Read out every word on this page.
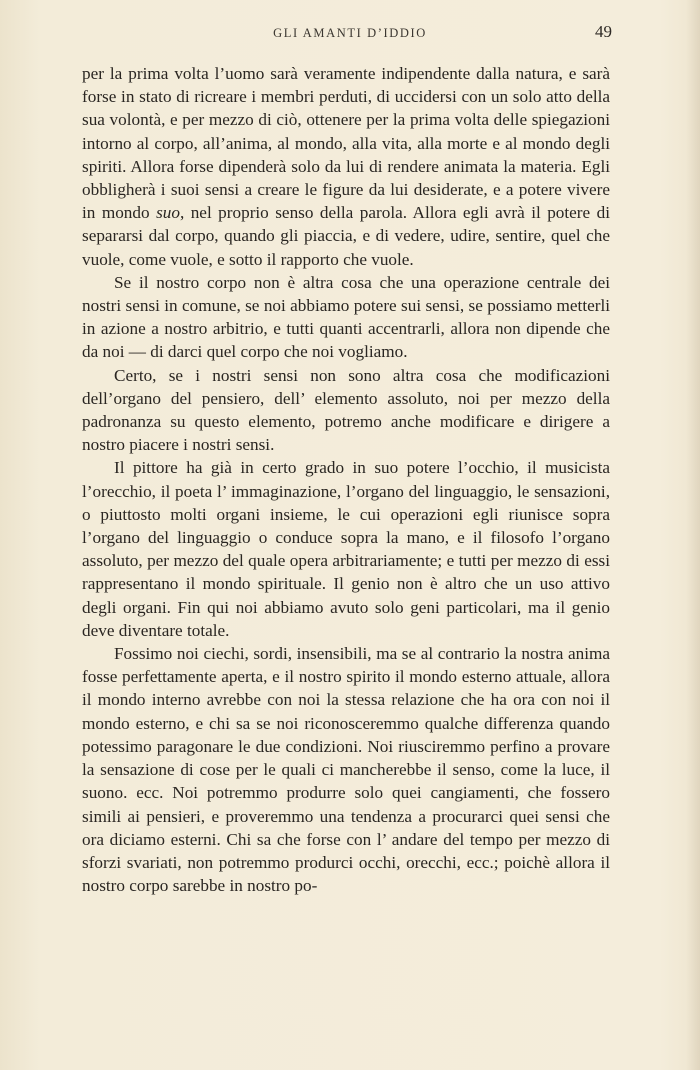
GLI AMANTI D’IDDIO	49

per la prima volta l’uomo sarà veramente indipendente dalla natura, e sarà forse in stato di ricreare i membri perduti, di uccidersi con un solo atto della sua volontà, e per mezzo di ciò, ottenere per la prima volta delle spiegazioni intorno al corpo, all’anima, al mondo, alla vita, alla morte e al mondo degli spiriti. Allora forse dipenderà solo da lui di rendere animata la materia. Egli obbligherà i suoi sensi a creare le figure da lui desiderate, e a potere vivere in mondo suo, nel proprio senso della parola. Allora egli avrà il potere di separarsi dal corpo, quando gli piaccia, e di vedere, udire, sentire, quel che vuole, come vuole, e sotto il rapporto che vuole.

Se il nostro corpo non è altra cosa che una operazione centrale dei nostri sensi in comune, se noi abbiamo potere sui sensi, se possiamo metterli in azione a nostro arbitrio, e tutti quanti accentrarli, allora non dipende che da noi — di darci quel corpo che noi vogliamo.

Certo, se i nostri sensi non sono altra cosa che modificazioni dell’organo del pensiero, dell’ elemento assoluto, noi per mezzo della padronanza su questo elemento, potremo anche modificare e dirigere a nostro piacere i nostri sensi.

Il pittore ha già in certo grado in suo potere l’occhio, il musicista l’orecchio, il poeta l’ immaginazione, l’organo del linguaggio, le sensazioni, o piuttosto molti organi insieme, le cui operazioni egli riunisce sopra l’organo del linguaggio o conduce sopra la mano, e il filosofo l’organo assoluto, per mezzo del quale opera arbitrariamente; e tutti per mezzo di essi rappresentano il mondo spirituale. Il genio non è altro che un uso attivo degli organi. Fin qui noi abbiamo avuto solo geni particolari, ma il genio deve diventare totale.

Fossimo noi ciechi, sordi, insensibili, ma se al contrario la nostra anima fosse perfettamente aperta, e il nostro spirito il mondo esterno attuale, allora il mondo interno avrebbe con noi la stessa relazione che ha ora con noi il mondo esterno, e chi sa se noi riconosceremmo qualche differenza quando potessimo paragonare le due condizioni. Noi riusciremmo perfino a provare la sensazione di cose per le quali ci mancherebbe il senso, come la luce, il suono. ecc. Noi potremmo produrre solo quei cangiamenti, che fossero simili ai pensieri, e proveremmo una tendenza a procurarci quei sensi che ora diciamo esterni. Chi sa che forse con l’ andare del tempo per mezzo di sforzi svariati, non potremmo produrci occhi, orecchi, ecc.; poichè allora il nostro corpo sarebbe in nostro po-
